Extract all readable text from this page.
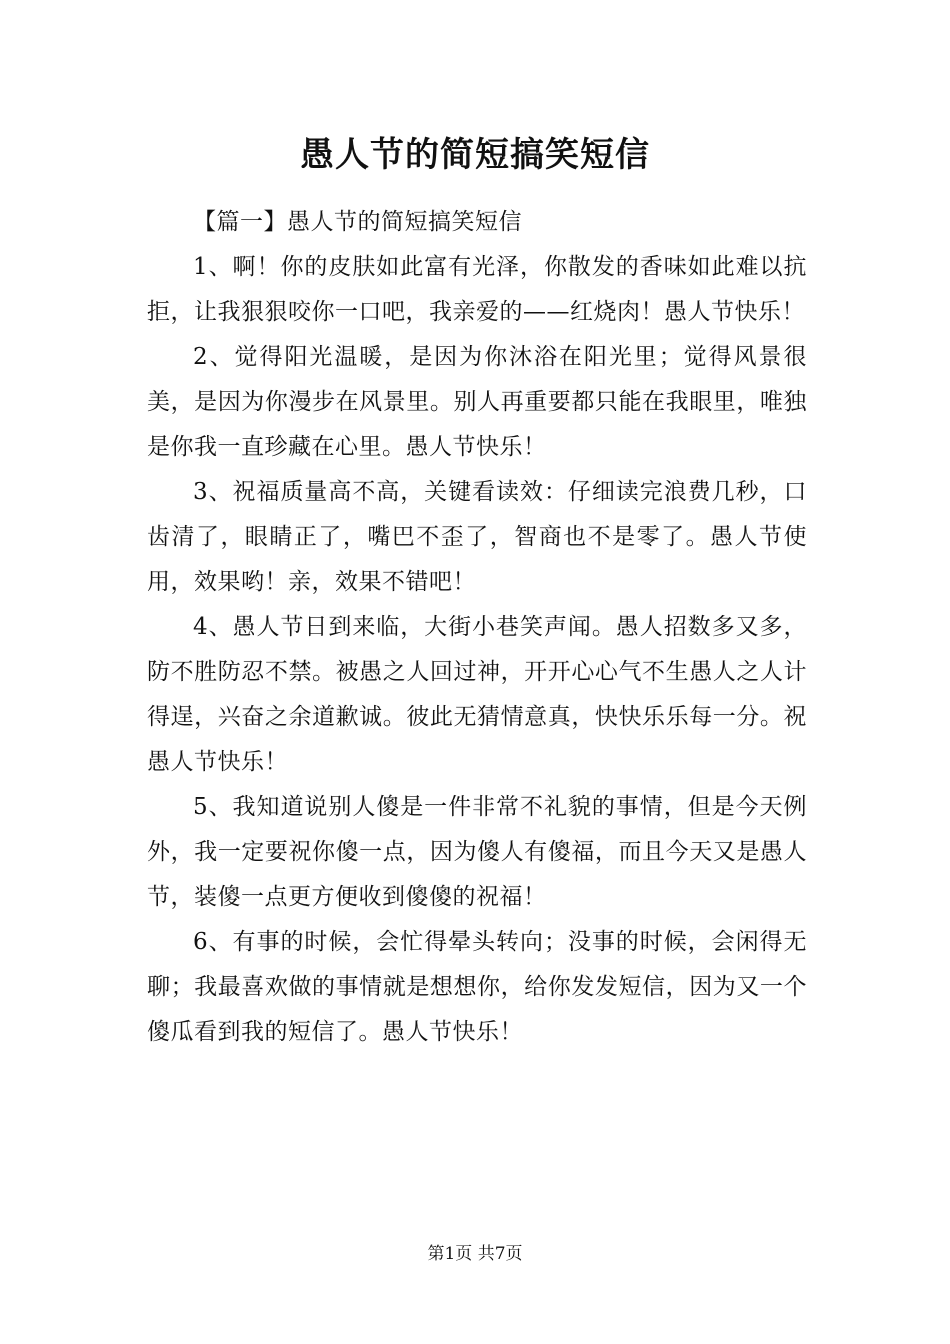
愚人节的简短搞笑短信

【篇一】愚人节的简短搞笑短信

1、啊！你的皮肤如此富有光泽，你散发的香味如此难以抗拒，让我狠狠咬你一口吧，我亲爱的——红烧肉！愚人节快乐！

2、觉得阳光温暖，是因为你沐浴在阳光里；觉得风景很美，是因为你漫步在风景里。别人再重要都只能在我眼里，唯独是你我一直珍藏在心里。愚人节快乐！

3、祝福质量高不高，关键看读效：仔细读完浪费几秒，口齿清了，眼睛正了，嘴巴不歪了，智商也不是零了。愚人节使用，效果哟！亲，效果不错吧！

4、愚人节日到来临，大街小巷笑声闻。愚人招数多又多，防不胜防忍不禁。被愚之人回过神，开开心心气不生愚人之人计得逞，兴奋之余道歉诚。彼此无猜情意真，快快乐乐每一分。祝愚人节快乐！

5、我知道说别人傻是一件非常不礼貌的事情，但是今天例外，我一定要祝你傻一点，因为傻人有傻福，而且今天又是愚人节，装傻一点更方便收到傻傻的祝福！

6、有事的时候，会忙得晕头转向；没事的时候，会闲得无聊；我最喜欢做的事情就是想想你，给你发发短信，因为又一个傻瓜看到我的短信了。愚人节快乐！

第1页 共7页
